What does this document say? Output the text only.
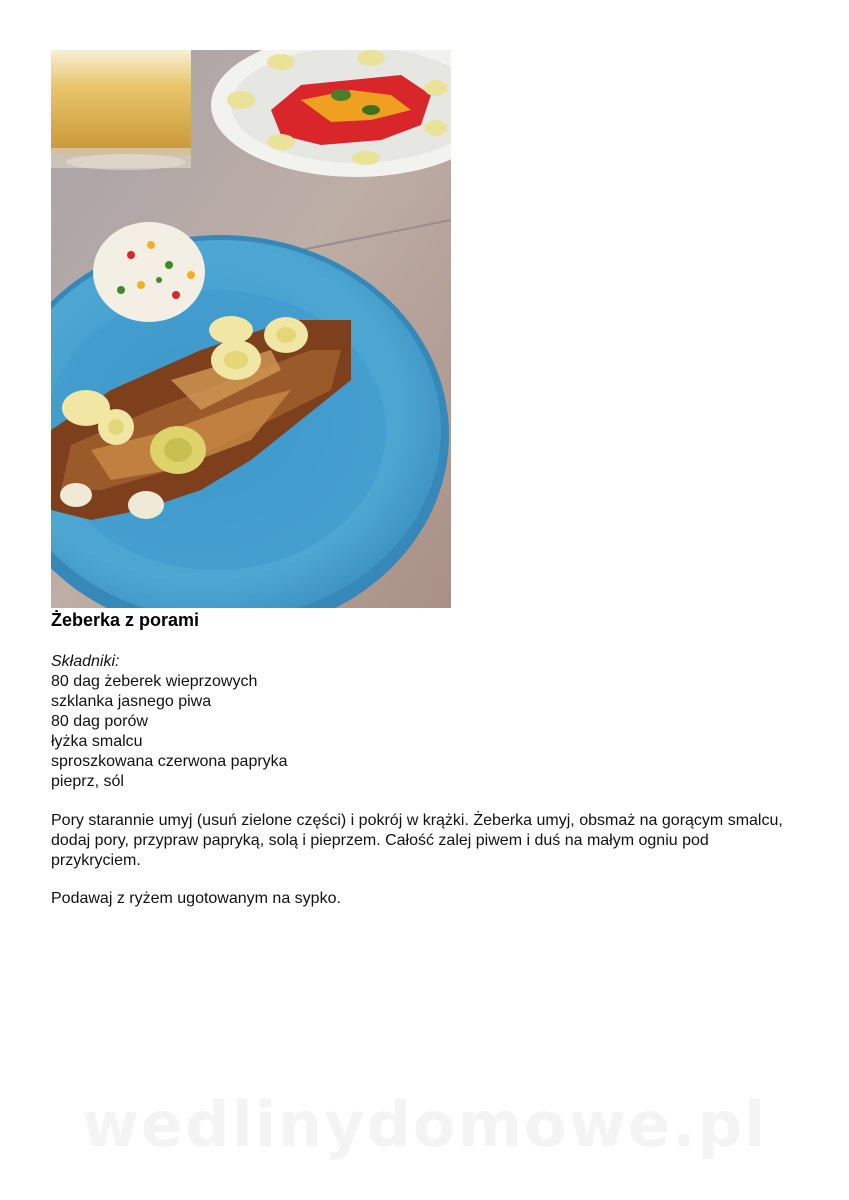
Żeberka z porami
Składniki:
80 dag żeberek wieprzowych
szklanka jasnego piwa
80 dag porów
łyżka smalcu
sproszkowana czerwona papryka
pieprz, sól

Pory starannie umyj (usuń zielone części) i pokrój w krążki. Żeberka umyj, obsmaż na gorącym smalcu, dodaj pory, przypraw papryką, solą i pieprzem. Całość zalej piwem i duś na małym ogniu pod przykryciem.

Podawaj z ryżem ugotowanym na sypko.

wedlinydomowe.pl
